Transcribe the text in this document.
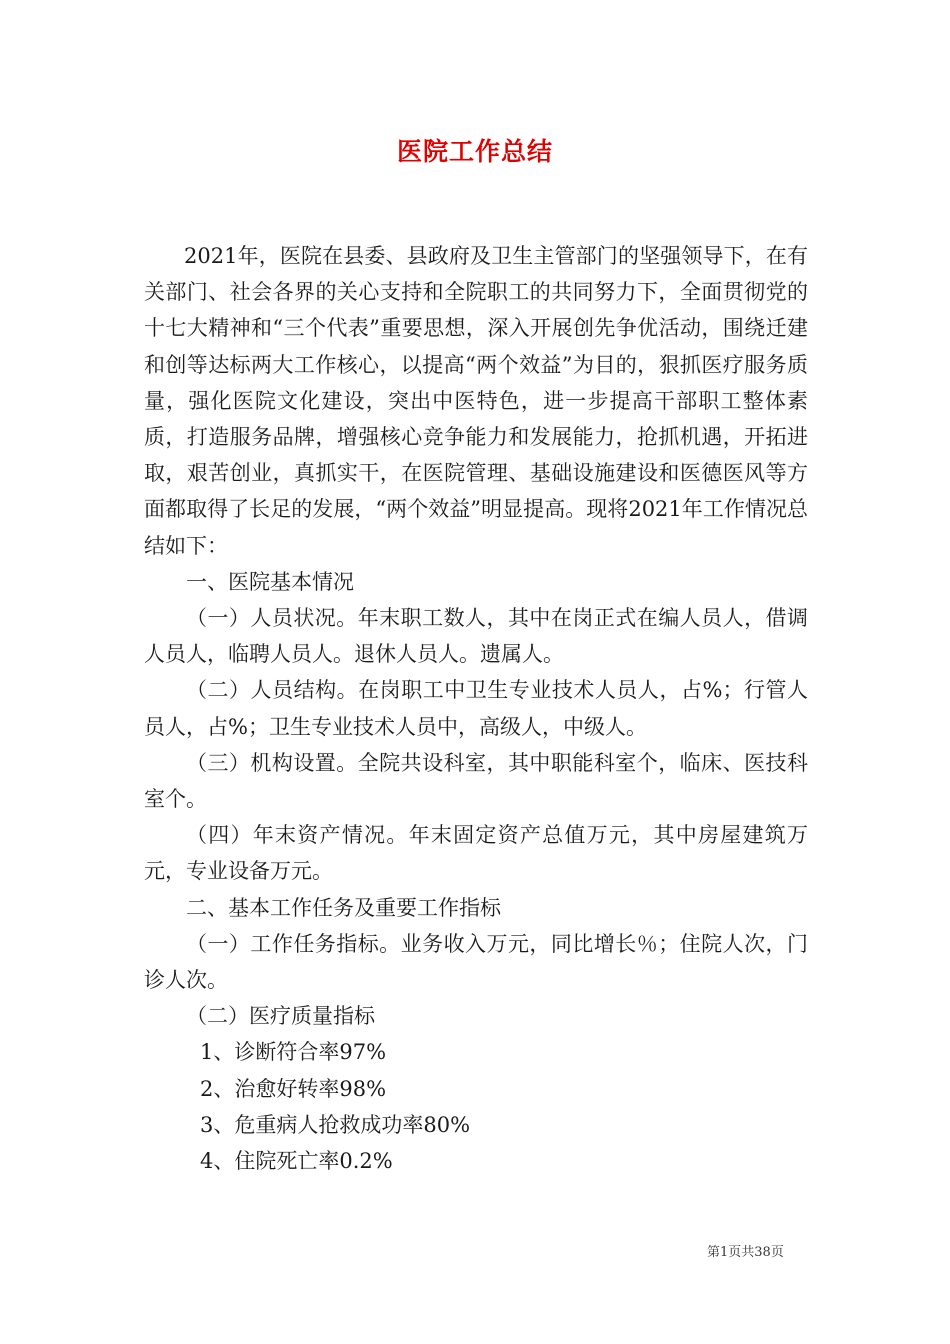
医院工作总结

2021年，医院在县委、县政府及卫生主管部门的坚强领导下，在有关部门、社会各界的关心支持和全院职工的共同努力下，全面贯彻党的十七大精神和“三个代表”重要思想，深入开展创先争优活动，围绕迁建和创等达标两大工作核心，以提高“两个效益”为目的，狠抓医疗服务质量，强化医院文化建设，突出中医特色，进一步提高干部职工整体素质，打造服务品牌，增强核心竞争能力和发展能力，抢抓机遇，开拓进取，艰苦创业，真抓实干，在医院管理、基础设施建设和医德医风等方面都取得了长足的发展，“两个效益”明显提高。现将2021年工作情况总结如下：

一、医院基本情况

（一）人员状况。年末职工数人，其中在岗正式在编人员人，借调人员人，临聘人员人。退休人员人。遗属人。

（二）人员结构。在岗职工中卫生专业技术人员人，占%；行管人员人，占%；卫生专业技术人员中，高级人，中级人。

（三）机构设置。全院共设科室，其中职能科室个，临床、医技科室个。

（四）年末资产情况。年末固定资产总值万元，其中房屋建筑万元，专业设备万元。

二、基本工作任务及重要工作指标

（一）工作任务指标。业务收入万元，同比增长％；住院人次，门诊人次。

（二）医疗质量指标

1、诊断符合率97%

2、治愈好转率98%

3、危重病人抢救成功率80%

4、住院死亡率0.2%

第1页共38页
